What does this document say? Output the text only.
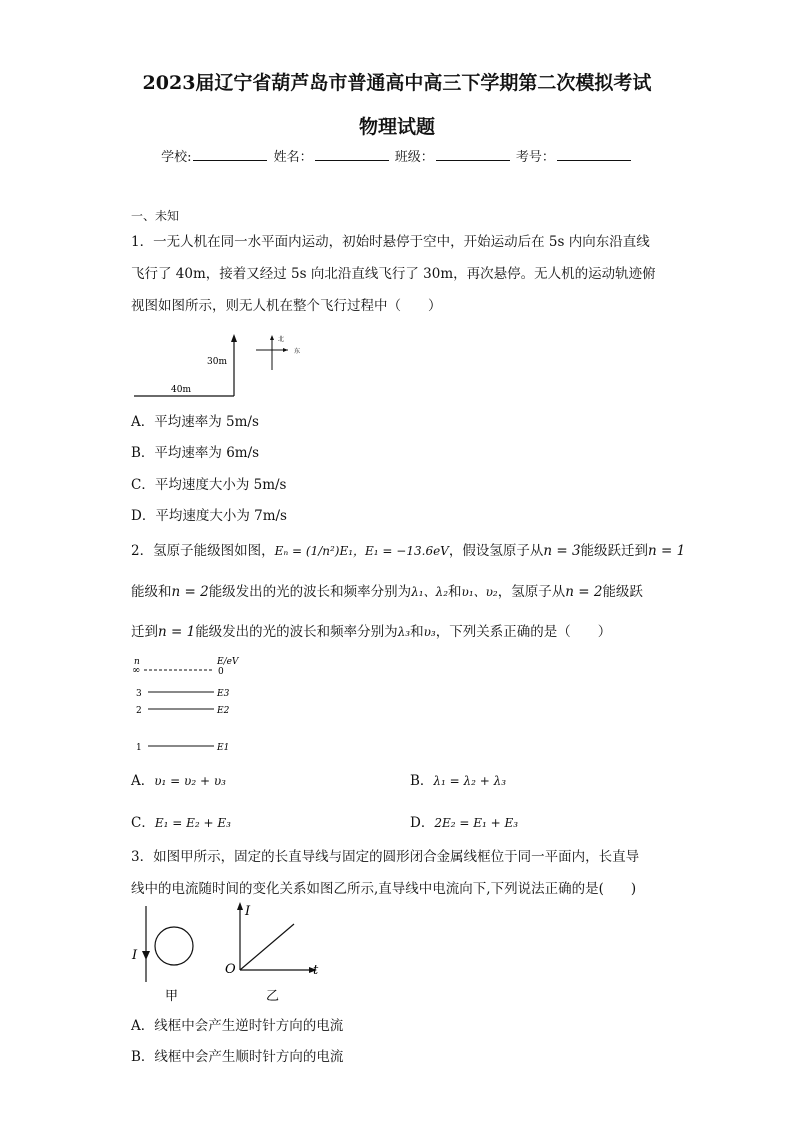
2023届辽宁省葫芦岛市普通高中高三下学期第二次模拟考试
物理试题
学校:	姓名：	班级：	考号：
一、未知
1．一无人机在同一水平面内运动，初始时悬停于空中，开始运动后在 5s 内向东沿直线
飞行了 40m，接着又经过 5s 向北沿直线飞行了 30m，再次悬停。无人机的运动轨迹俯
视图如图所示，则无人机在整个飞行过程中（　　）
30m
40m
北
东
A．平均速率为 5m/s
B．平均速率为 6m/s
C．平均速度大小为 5m/s
D．平均速度大小为 7m/s
2．氢原子能级图如图，Eₙ = (1/n²)E₁，E₁ = −13.6eV，假设氢原子从n = 3能级跃迁到n = 1
能级和n = 2能级发出的光的波长和频率分别为λ₁、λ₂和υ₁、υ₂，氢原子从n = 2能级跃
迁到n = 1能级发出的光的波长和频率分别为λ₃和υ₃，下列关系正确的是（　　）
n	E/eV
∞	0
3	E3
2	E2
1	E1
A．υ₁ = υ₂ + υ₃	B．λ₁ = λ₂ + λ₃
C．E₁ = E₂ + E₃	D．2E₂ = E₁ + E₃
3．如图甲所示，固定的长直导线与固定的圆形闭合金属线框位于同一平面内，长直导
线中的电流随时间的变化关系如图乙所示,直导线中电流向下,下列说法正确的是(　　)
I
甲
I
t
O
乙
A．线框中会产生逆时针方向的电流
B．线框中会产生顺时针方向的电流
